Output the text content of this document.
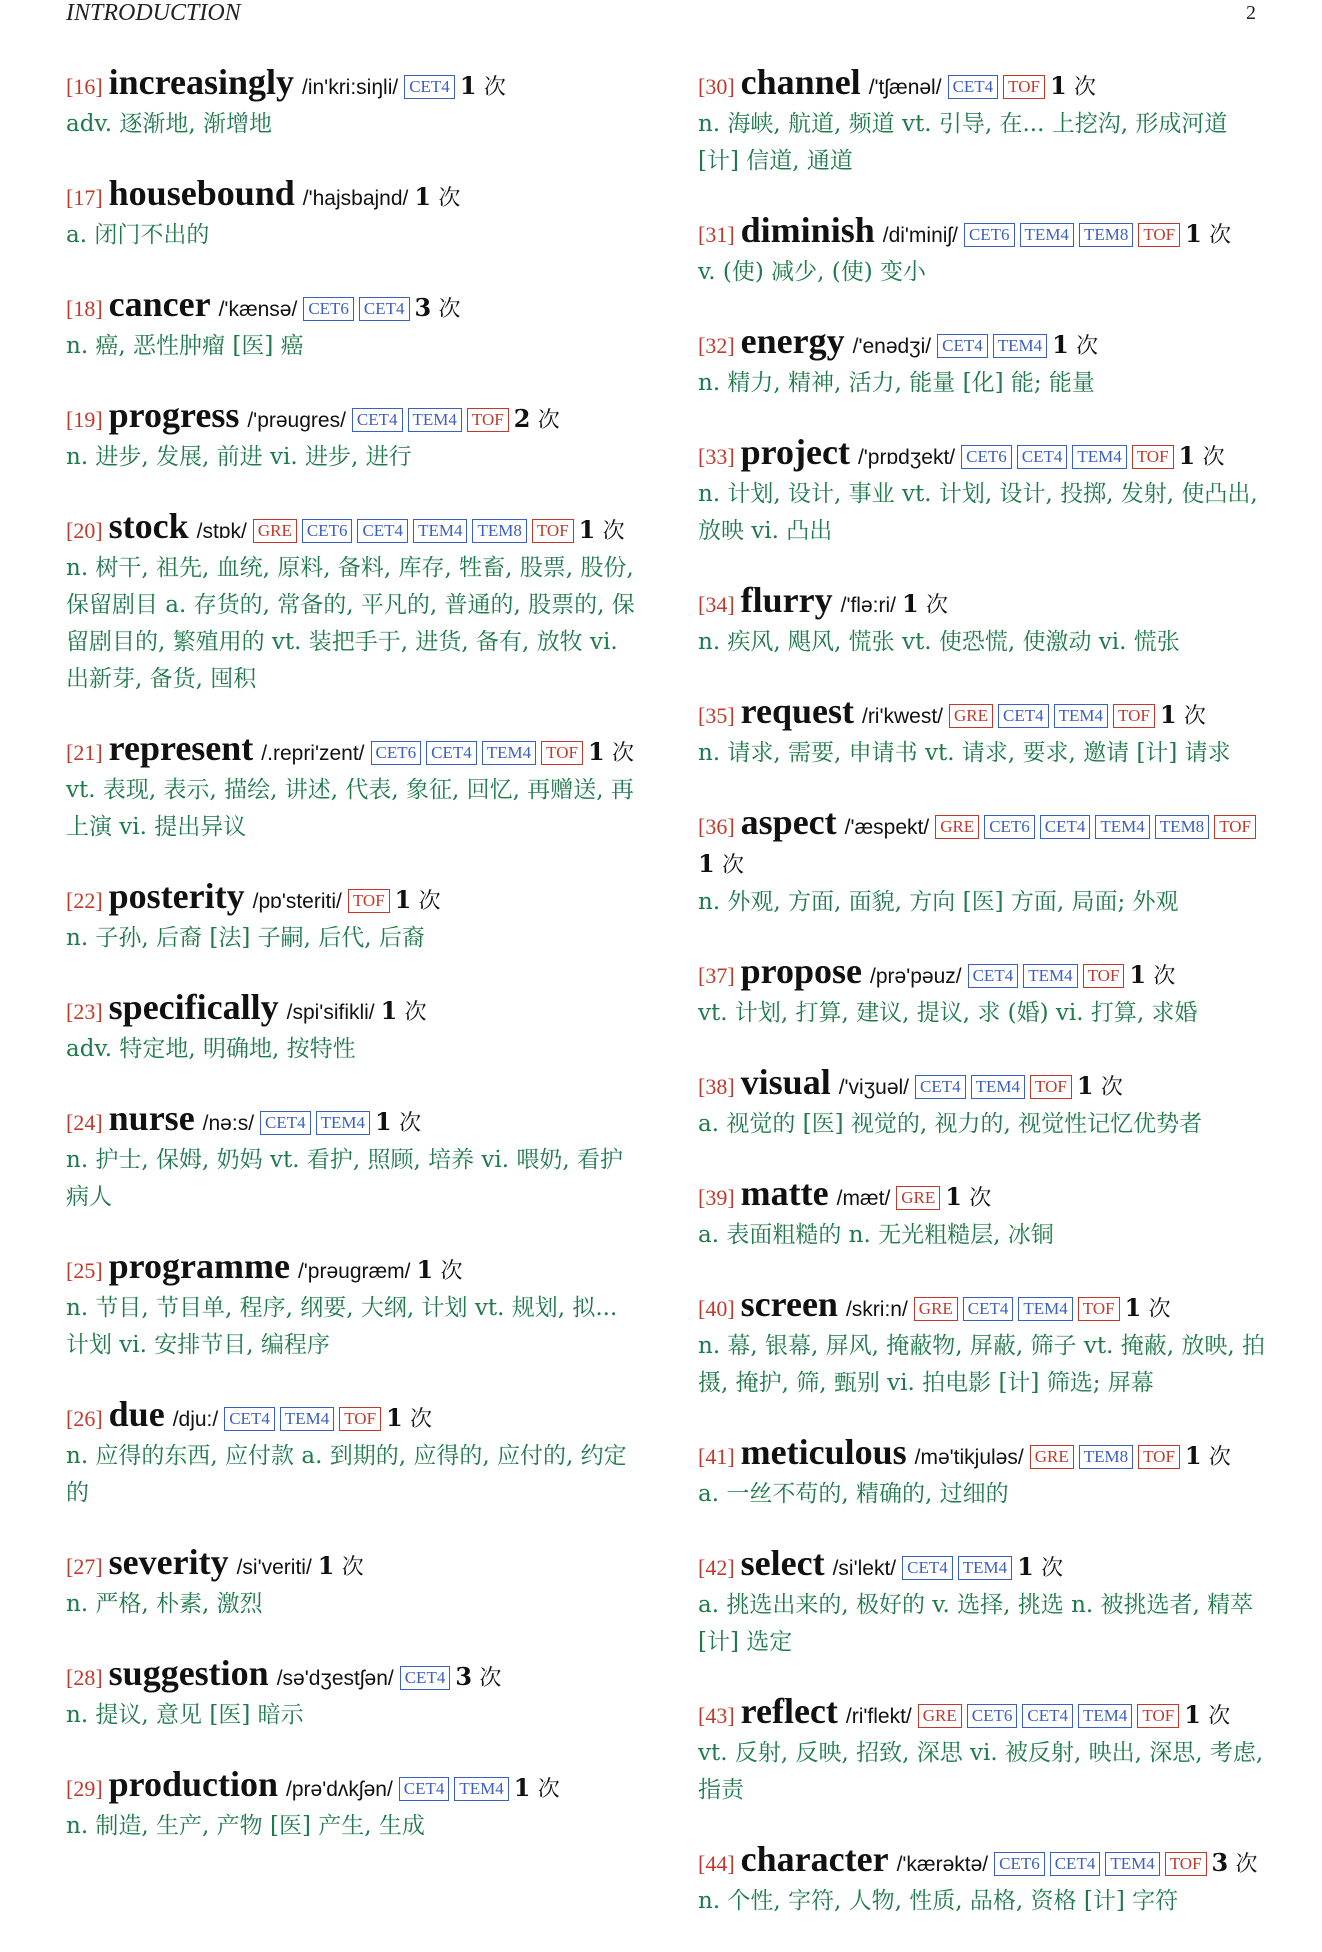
INTRODUCTION	2
[16] increasingly /in'kri:siŋli/ CET4 1 次
adv. 逐渐地, 渐增地
[17] housebound /'hajsbajnd/ 1 次
a. 闭门不出的
[18] cancer /'kænsə/ CET6 CET4 3 次
n. 癌, 恶性肿瘤 [医] 癌
[19] progress /'prəugres/ CET4 TEM4 TOF 2 次
n. 进步, 发展, 前进 vi. 进步, 进行
[20] stock /stɒk/ GRE CET6 CET4 TEM4 TEM8 TOF 1 次
n. 树干, 祖先, 血统, 原料, 备料, 库存, 牲畜, 股票, 股份, 保留剧目 a. 存货的, 常备的, 平凡的, 普通的, 股票的, 保留剧目的, 繁殖用的 vt. 装把手于, 进货, 备有, 放牧 vi. 出新芽, 备货, 囤积
[21] represent /.repri'zent/ CET6 CET4 TEM4 TOF 1 次
vt. 表现, 表示, 描绘, 讲述, 代表, 象征, 回忆, 再赠送, 再上演 vi. 提出异议
[22] posterity /pɒ'steriti/ TOF 1 次
n. 子孙, 后裔 [法] 子嗣, 后代, 后裔
[23] specifically /spi'sifikli/ 1 次
adv. 特定地, 明确地, 按特性
[24] nurse /nə:s/ CET4 TEM4 1 次
n. 护士, 保姆, 奶妈 vt. 看护, 照顾, 培养 vi. 喂奶, 看护病人
[25] programme /'prəugræm/ 1 次
n. 节目, 节目单, 程序, 纲要, 大纲, 计划 vt. 规划, 拟... 计划 vi. 安排节目, 编程序
[26] due /dju:/ CET4 TEM4 TOF 1 次
n. 应得的东西, 应付款 a. 到期的, 应得的, 应付的, 约定的
[27] severity /si'veriti/ 1 次
n. 严格, 朴素, 激烈
[28] suggestion /sə'dʒestʃən/ CET4 3 次
n. 提议, 意见 [医] 暗示
[29] production /prə'dʌkʃən/ CET4 TEM4 1 次
n. 制造, 生产, 产物 [医] 产生, 生成
[30] channel /'tʃænəl/ CET4 TOF 1 次
n. 海峡, 航道, 频道 vt. 引导, 在... 上挖沟, 形成河道 [计] 信道, 通道
[31] diminish /di'miniʃ/ CET6 TEM4 TEM8 TOF 1 次
v. (使) 减少, (使) 变小
[32] energy /'enədʒi/ CET4 TEM4 1 次
n. 精力, 精神, 活力, 能量 [化] 能; 能量
[33] project /'prɒdʒekt/ CET6 CET4 TEM4 TOF 1 次
n. 计划, 设计, 事业 vt. 计划, 设计, 投掷, 发射, 使凸出, 放映 vi. 凸出
[34] flurry /'flə:ri/ 1 次
n. 疾风, 飓风, 慌张 vt. 使恐慌, 使激动 vi. 慌张
[35] request /ri'kwest/ GRE CET4 TEM4 TOF 1 次
n. 请求, 需要, 申请书 vt. 请求, 要求, 邀请 [计] 请求
[36] aspect /'æspekt/ GRE CET6 CET4 TEM4 TEM8 TOF1 次
n. 外观, 方面, 面貌, 方向 [医] 方面, 局面; 外观
[37] propose /prə'pəuz/ CET4 TEM4 TOF 1 次
vt. 计划, 打算, 建议, 提议, 求 (婚) vi. 打算, 求婚
[38] visual /'viʒuəl/ CET4 TEM4 TOF 1 次
a. 视觉的 [医] 视觉的, 视力的, 视觉性记忆优势者
[39] matte /mæt/ GRE 1 次
a. 表面粗糙的 n. 无光粗糙层, 冰铜
[40] screen /skri:n/ GRE CET4 TEM4 TOF 1 次
n. 幕, 银幕, 屏风, 掩蔽物, 屏蔽, 筛子 vt. 掩蔽, 放映, 拍摄, 掩护, 筛, 甄别 vi. 拍电影 [计] 筛选; 屏幕
[41] meticulous /mə'tikjuləs/ GRE TEM8 TOF 1 次
a. 一丝不苟的, 精确的, 过细的
[42] select /si'lekt/ CET4 TEM4 1 次
a. 挑选出来的, 极好的 v. 选择, 挑选 n. 被挑选者, 精萃 [计] 选定
[43] reflect /ri'flekt/ GRE CET6 CET4 TEM4 TOF 1 次
vt. 反射, 反映, 招致, 深思 vi. 被反射, 映出, 深思, 考虑, 指责
[44] character /'kærəktə/ CET6 CET4 TEM4 TOF 3 次
n. 个性, 字符, 人物, 性质, 品格, 资格 [计] 字符
